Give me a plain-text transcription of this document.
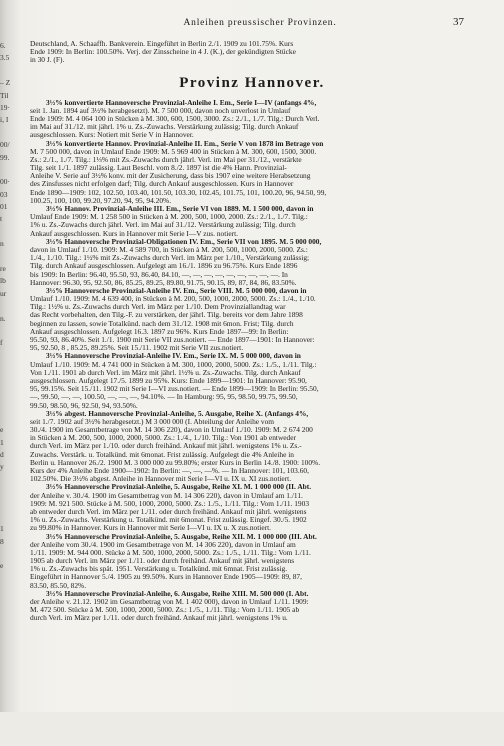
Anleihen preussischer Provinzen.	37
6.
3.5
– Z
Til
19·
i, I
00/
99.
00·
03
01
t
n
re
lb
ur
n.
f
e
1
d
y
1
8
e
Deutschland, A. Schaaffh. Bankverein. Eingeführt in Berlin 2./1. 1909 zu 101.75%. Kurs
Ende 1909: In Berlin: 100.50%. Verj. der Zinsscheine in 4 J. (K.), der gekündigten Stücke
in 30 J. (F).
Provinz Hannover.
3½% konvertierte Hannoversche Provinzial-Anleihe I. Em., Serie I—IV (anfangs 4%,
seit 1. Jan. 1894 auf 3½% herabgesetzt). M. 7 500 000, davon noch unverlost in Umlauf
Ende 1909: M. 4 064 100 in Stücken à M. 300, 600, 1500, 3000. Zs.: 2./1., 1./7. Tilg.: Durch Verl.
im Mai auf 31./12. mit jährl. 1% u. Zs.-Zuwachs. Verstärkung zulässig; Tilg. durch Ankauf
ausgeschlossen. Kurs: Notiert mit Serie V in Hannover.
3½% konvertierte Hannov. Provinzial-Anleihe II. Em., Serie V von 1878 im Betrage von
M. 7 500 000, davon in Umlauf Ende 1909: M. 5 969 400 in Stücken à M. 300, 600, 1500, 3000.
Zs.: 2./1., 1./7. Tilg.: 1⅓% mit Zs.-Zuwachs durch jährl. Verl. im Mai per 31./12., verstärkte
Tilg. seit 1./1. 1897 zulässig. Laut Beschl. vom 8./2. 1897 ist die 4% Hann. Provinzial-
Anleihe V. Serie auf 3½% konv. mit der Zusicherung, dass bis 1907 eine weitere Herabsetzung
des Zinsfusses nicht erfolgen darf; Tilg. durch Ankauf ausgeschlossen. Kurs in Hannover
Ende 1890—1909: 102, 102.50, 103.40, 101.50, 103.30, 102.45, 101.75, 101, 100.20, 96, 94.50, 99,
100.25, 100, 100, 99.20, 97.20, 94, 95, 94.20%.
3½% Hannov. Provinzial-Anleihe III. Em., Serie VI von 1889. M. 1 500 000, davon in
Umlauf Ende 1909: M. 1 258 500 in Stücken à M. 200, 500, 1000, 2000. Zs.: 2./1., 1./7. Tilg.:
1% u. Zs.-Zuwachs durch jährl. Verl. im Mai auf 31./12. Verstärkung zulässig; Tilg. durch
Ankauf ausgeschlossen. Kurs in Hannover mit Serie I—V zus. notiert.
3½% Hannoversche Provinzial-Obligationen IV. Em., Serie VII von 1895. M. 5 000 000,
davon in Umlauf 1./10. 1909: M. 4 589 700, in Stücken à M. 200, 500, 1000, 2000, 5000. Zs.:
1./4., 1./10. Tilg.: 1½% mit Zs.-Zuwachs durch Verl. im März per 1./10., Verstärkung zulässig;
Tilg. durch Ankauf ausgeschlossen. Aufgelegt am 16./1. 1896 zu 96.75%. Kurs Ende 1896
bis 1909: In Berlin: 96.40, 95.50, 93, 86.40, 84.10, —, —, —, —, —, —, —, —, —. In
Hannover: 96.30, 95, 92.50, 86, 85.25, 89.25, 89.80, 91.75, 90.15, 89, 87, 84, 86, 83.50%.
3½% Hannoversche Provinzial-Anleihe IV. Em., Serie VIII. M. 5 000 000, davon in
Umlauf 1./10. 1909: M. 4 639 400, in Stücken à M. 200, 500, 1000, 2000, 5000. Zs.: 1./4., 1./10.
Tilg.: 1½% u. Zs.-Zuwachs durch Verl. im März per 1./10. Dem Provinziallandtag war
das Recht vorbehalten, den Tilg.-F. zu verstärken, der jährl. Tilg. bereits vor dem Jahre 1898
beginnen zu lassen, sowie Totalkünd. nach dem 31./12. 1908 mit 6mon. Frist; Tilg. durch
Ankauf ausgeschlossen. Aufgelegt 16.3. 1897 zu 96%. Kurs Ende 1897—99: In Berlin:
95.50, 93, 86.40%. Seit 1./1. 1900 mit Serie VII zus.notiert. — Ende 1897—1901: In Hannover:
95, 92.50, 8 , 85.25, 89.25%. Seit 15./11. 1902 mit Serie VII zus.notiert.
3½% Hannoversche Provinzial-Anleihe IV. Em., Serie IX. M. 5 000 000, davon in
Umlauf 1./10. 1909: M. 4 741 000 in Stücken à M. 300, 1000, 2000, 5000. Zs.: 1./5., 1./11. Tilg.:
Von 1./11. 1901 ab durch Verl. im März mit jährl. 1½% u. Zs.-Zuwachs. Tilg. durch Ankauf
ausgeschlossen. Aufgelegt 17./5. 1899 zu 95%. Kurs: Ende 1899—1901: In Hannover: 95.90,
95, 99.15%. Seit 15./11. 1902 mit Serie I—VI zus.notiert. — Ende 1899—1909: In Berlin: 95.50,
—, 99.50, —, —, 100.50, —, —, —, 94.10%. — In Hamburg: 95, 95, 98.50, 99.75, 99.50,
99.50, 98.50, 96, 92.50, 94, 93.50%.
3½% abgest. Hannoversche Provinzial-Anleihe, 5. Ausgabe, Reihe X. (Anfangs 4%,
seit 1./7. 1902 auf 3½% herabgesetzt.) M 3 000 000 (I. Abteilung der Anleihe vom
30./4. 1900 im Gesamtbetrage von M. 14 306 220), davon in Umlauf 1./10. 1909: M. 2 674 200
in Stücken à M. 200, 500, 1000, 2000, 5000. Zs.: 1./4., 1./10. Tilg.: Von 1901 ab entweder
durch Verl. im März per 1./10. oder durch freihänd. Ankauf mit jährl. wenigstens 1% u. Zs.-
Zuwachs. Verstärk. u. Totalkünd. mit 6monat. Frist zulässig. Aufgelegt die 4% Anleihe in
Berlin u. Hannover 26./2. 1900 M. 3 000 000 zu 99.80%; erster Kurs in Berlin 14./8. 1900: 100%.
Kurs der 4% Anleihe Ende 1900—1902: In Berlin: —, —, —%. — In Hannover: 101, 103.60,
102.50%. Die 3½% abgest. Anleihe in Hannover mit Serie I—VI u. IX u. XI zus.notiert.
3½% Hannoversche Provinzial-Anleihe, 5. Ausgabe, Reihe XI. M. 1 000 000 (II. Abt.
der Anleihe v. 30./4. 1900 im Gesamtbetrag von M. 14 306 220), davon in Umlauf am 1./11.
1909: M. 921 500. Stücke à M. 500, 1000, 2000, 5000. Zs.: 1./5., 1./11. Tilg.: Vom 1./11. 1903
ab entweder durch Verl. im März per 1./11. oder durch freihänd. Ankauf mit jährl. wenigstens
1% u. Zs.-Zuwachs. Verstärkung u. Totalkünd. mit 6monat. Frist zulässig. Eingef. 30./5. 1902
zu 99.80% in Hannover. Kurs in Hannover mit Serie I—VI u. IX u. X zus.notiert.
3½% Hannoversche Provinzial-Anleihe, 5. Ausgabe, Reihe XII. M. 1 000 000 (III. Abt.
der Anleihe vom 30./4. 1900 im Gesamtbetrage von M. 14 306 220), davon in Umlauf am
1./11. 1909: M. 944 000. Stücke à M. 500, 1000, 2000, 5000. Zs.: 1./5., 1./11. Tilg.: Vom 1./11.
1905 ab durch Verl. im März per 1./11. oder durch freihänd. Ankauf mit jährl. wenigstens
1% u. Zs.-Zuwachs bis spät. 1951. Verstärkung u. Totalkünd. mit 6mnat. Frist zulässig.
Eingeführt in Hannover 5./4. 1905 zu 99.50%. Kurs in Hannover Ende 1905—1909: 89, 87,
83.50, 85.50, 82%.
3½% Hannoversche Provinzial-Anleihe, 6. Ausgabe, Reihe XIII. M. 500 000 (I. Abt.
der Anleihe v. 21.12. 1902 im Gesamtbetrag von M. 1 402 000), davon in Umlauf 1./11. 1909:
M. 472 500. Stücke à M. 500, 1000, 2000, 5000. Zs.: 1./5., 1./11. Tilg.: Vom 1./11. 1905 ab
durch Verl. im März per 1./11. oder durch freihänd. Ankauf mit jährl. wenigstens 1% u.
